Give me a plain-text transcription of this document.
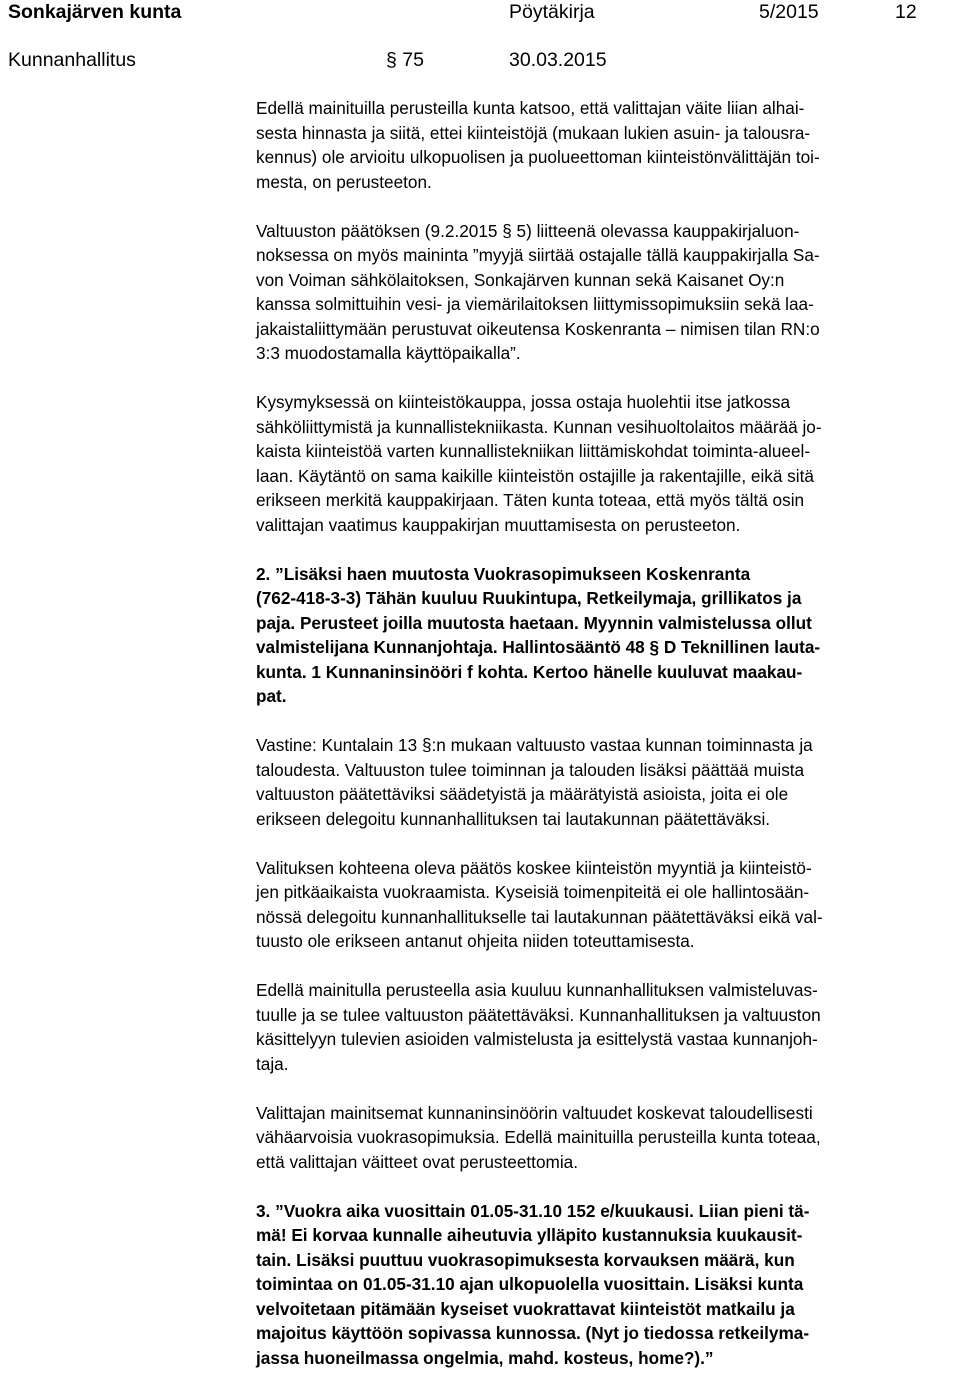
Sonkajärven kunta	Pöytäkirja	5/2015	12
Kunnanhallitus	§ 75	30.03.2015

Edellä mainituilla perusteilla kunta katsoo, että valittajan väite liian alhai-
sesta hinnasta ja siitä, ettei kiinteistöjä (mukaan lukien asuin- ja talousra-
kennus) ole arvioitu ulkopuolisen ja puolueettoman kiinteistönvälittäjän toi-
mesta, on perusteeton.

Valtuuston päätöksen (9.2.2015 § 5) liitteenä olevassa kauppakirjaluon-
noksessa on myös maininta ”myyjä siirtää ostajalle tällä kauppakirjalla Sa-
von Voiman sähkölaitoksen, Sonkajärven kunnan sekä Kaisanet Oy:n
kanssa solmittuihin vesi- ja viemärilaitoksen liittymissopimuksiin sekä laa-
jakaistaliittymään perustuvat oikeutensa Koskenranta – nimisen tilan RN:o
3:3 muodostamalla käyttöpaikalla”.

Kysymyksessä on kiinteistökauppa, jossa ostaja huolehtii itse jatkossa
sähköliittymistä ja kunnallistekniikasta. Kunnan vesihuoltolaitos määrää jo-
kaista kiinteistöä varten kunnallistekniikan liittämiskohdat toiminta-alueel-
laan. Käytäntö on sama kaikille kiinteistön ostajille ja rakentajille, eikä sitä
erikseen merkitä kauppakirjaan. Täten kunta toteaa, että myös tältä osin
valittajan vaatimus kauppakirjan muuttamisesta on perusteeton.

2. ”Lisäksi haen muutosta Vuokrasopimukseen Koskenranta
(762-418-3-3) Tähän kuuluu Ruukintupa, Retkeilymaja, grillikatos ja
paja. Perusteet joilla muutosta haetaan. Myynnin valmistelussa ollut
valmistelijana Kunnanjohtaja. Hallintosääntö 48 § D Teknillinen lauta-
kunta. 1 Kunnaninsinööri f kohta. Kertoo hänelle kuuluvat maakau-
pat.

Vastine: Kuntalain 13 §:n mukaan valtuusto vastaa kunnan toiminnasta ja
taloudesta. Valtuuston tulee toiminnan ja talouden lisäksi päättää muista
valtuuston päätettäviksi säädetyistä ja määrätyistä asioista, joita ei ole
erikseen delegoitu kunnanhallituksen tai lautakunnan päätettäväksi.

Valituksen kohteena oleva päätös koskee kiinteistön myyntiä ja kiinteistö-
jen pitkäaikaista vuokraamista. Kyseisiä toimenpiteitä ei ole hallintosään-
nössä delegoitu kunnanhallitukselle tai lautakunnan päätettäväksi eikä val-
tuusto ole erikseen antanut ohjeita niiden toteuttamisesta.

Edellä mainitulla perusteella asia kuuluu kunnanhallituksen valmisteluvas-
tuulle ja se tulee valtuuston päätettäväksi. Kunnanhallituksen ja valtuuston
käsittelyyn tulevien asioiden valmistelusta ja esittelystä vastaa kunnanjoh-
taja.

Valittajan mainitsemat kunnaninsinöörin valtuudet koskevat taloudellisesti
vähäarvoisia vuokrasopimuksia. Edellä mainituilla perusteilla kunta toteaa,
että valittajan väitteet ovat perusteettomia.

3. ”Vuokra aika vuosittain 01.05-31.10 152 e/kuukausi. Liian pieni tä-
mä! Ei korvaa kunnalle aiheutuvia ylläpito kustannuksia kuukausit-
tain. Lisäksi puuttuu vuokrasopimuksesta korvauksen määrä, kun
toimintaa on 01.05-31.10 ajan ulkopuolella vuosittain. Lisäksi kunta
velvoitetaan pitämään kyseiset vuokrattavat kiinteistöt matkailu ja
majoitus käyttöön sopivassa kunnossa. (Nyt jo tiedossa retkeilyma-
jassa huoneilmassa ongelmia, mahd. kosteus, home?).”
